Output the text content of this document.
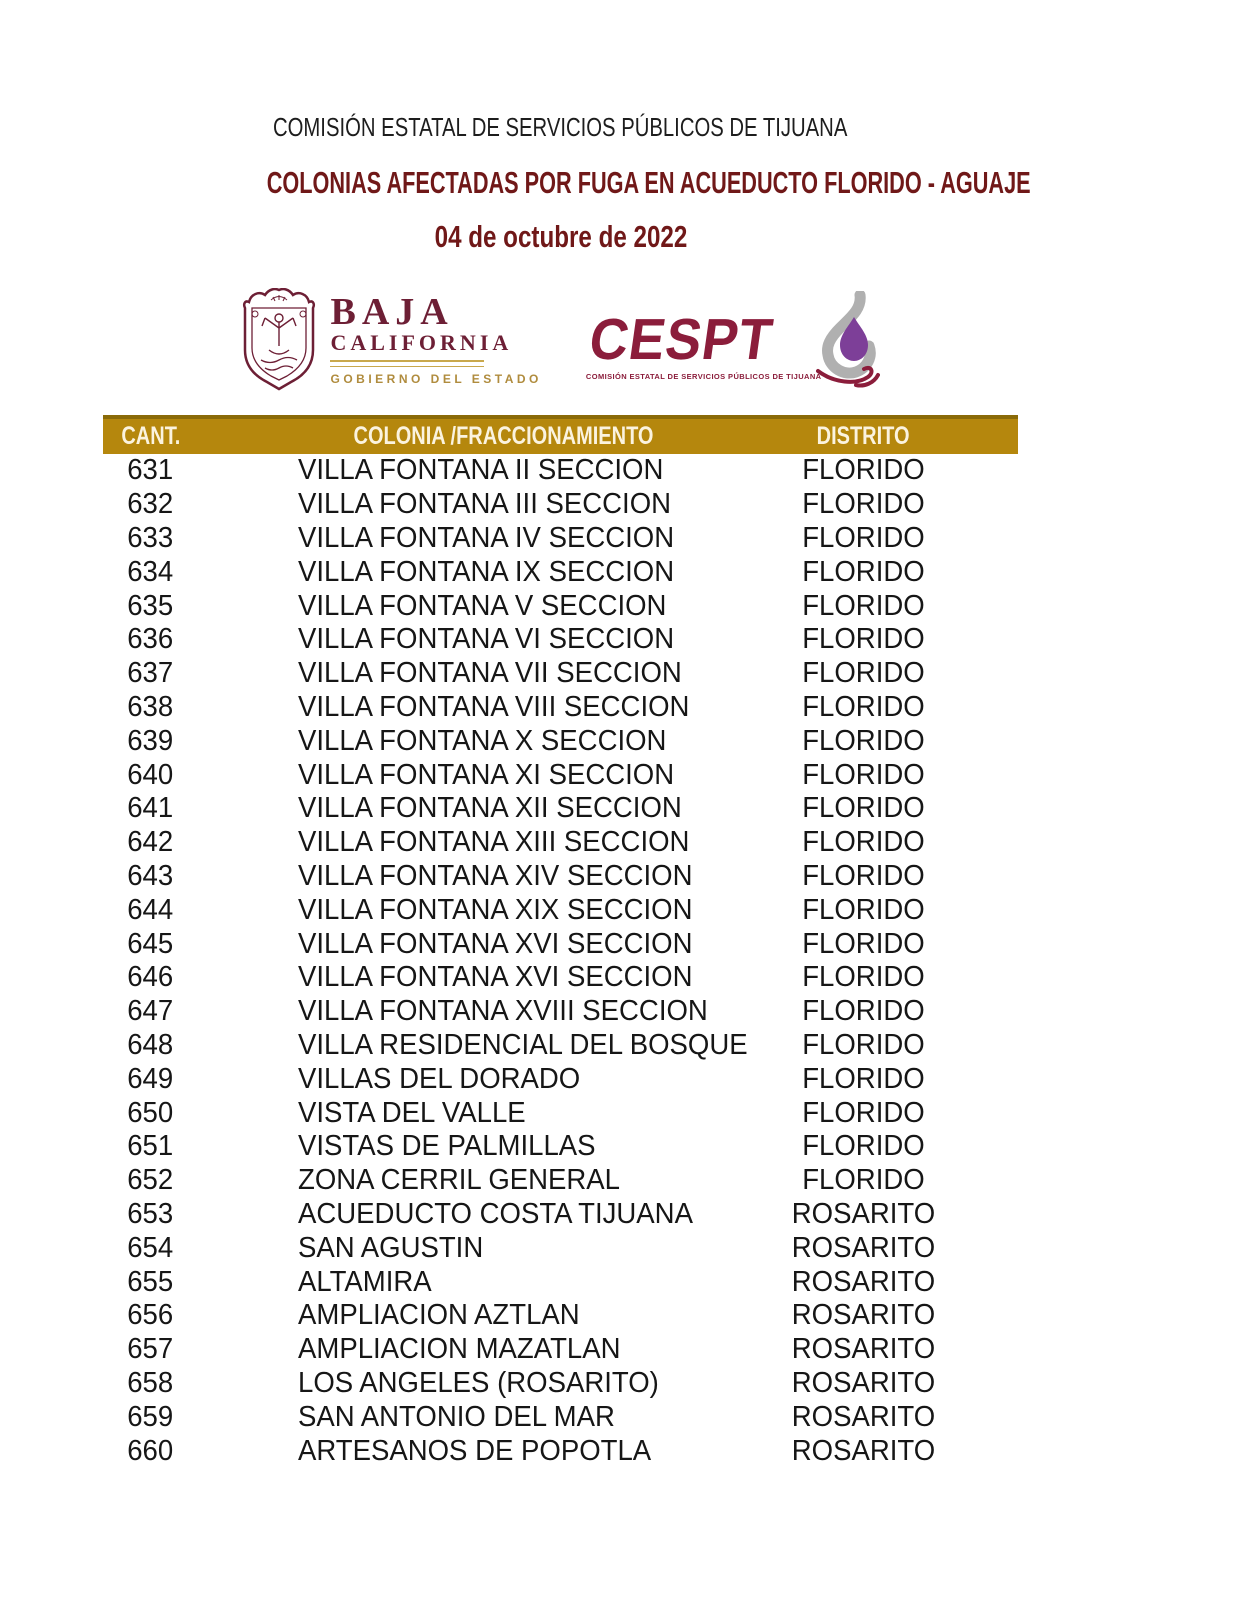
COMISIÓN ESTATAL DE SERVICIOS PÚBLICOS DE TIJUANA
COLONIAS AFECTADAS POR FUGA EN ACUEDUCTO FLORIDO - AGUAJE
04 de octubre de 2022
BAJA
CALIFORNIA
GOBIERNO DEL ESTADO
CESPT
COMISIÓN ESTATAL DE SERVICIOS PÚBLICOS DE TIJUANA
CANT.	COLONIA /FRACCIONAMIENTO	DISTRITO
631	VILLA FONTANA II SECCION	FLORIDO
632	VILLA FONTANA III SECCION	FLORIDO
633	VILLA FONTANA IV SECCION	FLORIDO
634	VILLA FONTANA IX SECCION	FLORIDO
635	VILLA FONTANA V SECCION	FLORIDO
636	VILLA FONTANA VI SECCION	FLORIDO
637	VILLA FONTANA VII SECCION	FLORIDO
638	VILLA FONTANA VIII SECCION	FLORIDO
639	VILLA FONTANA X SECCION	FLORIDO
640	VILLA FONTANA XI SECCION	FLORIDO
641	VILLA FONTANA XII SECCION	FLORIDO
642	VILLA FONTANA XIII SECCION	FLORIDO
643	VILLA FONTANA XIV SECCION	FLORIDO
644	VILLA FONTANA XIX SECCION	FLORIDO
645	VILLA FONTANA XVI SECCION	FLORIDO
646	VILLA FONTANA XVI SECCION	FLORIDO
647	VILLA FONTANA XVIII SECCION	FLORIDO
648	VILLA RESIDENCIAL DEL BOSQUE	FLORIDO
649	VILLAS DEL DORADO	FLORIDO
650	VISTA DEL VALLE	FLORIDO
651	VISTAS DE PALMILLAS	FLORIDO
652	ZONA CERRIL GENERAL	FLORIDO
653	ACUEDUCTO COSTA TIJUANA	ROSARITO
654	SAN AGUSTIN	ROSARITO
655	ALTAMIRA	ROSARITO
656	AMPLIACION AZTLAN	ROSARITO
657	AMPLIACION MAZATLAN	ROSARITO
658	LOS ANGELES (ROSARITO)	ROSARITO
659	SAN ANTONIO DEL MAR	ROSARITO
660	ARTESANOS DE POPOTLA	ROSARITO
